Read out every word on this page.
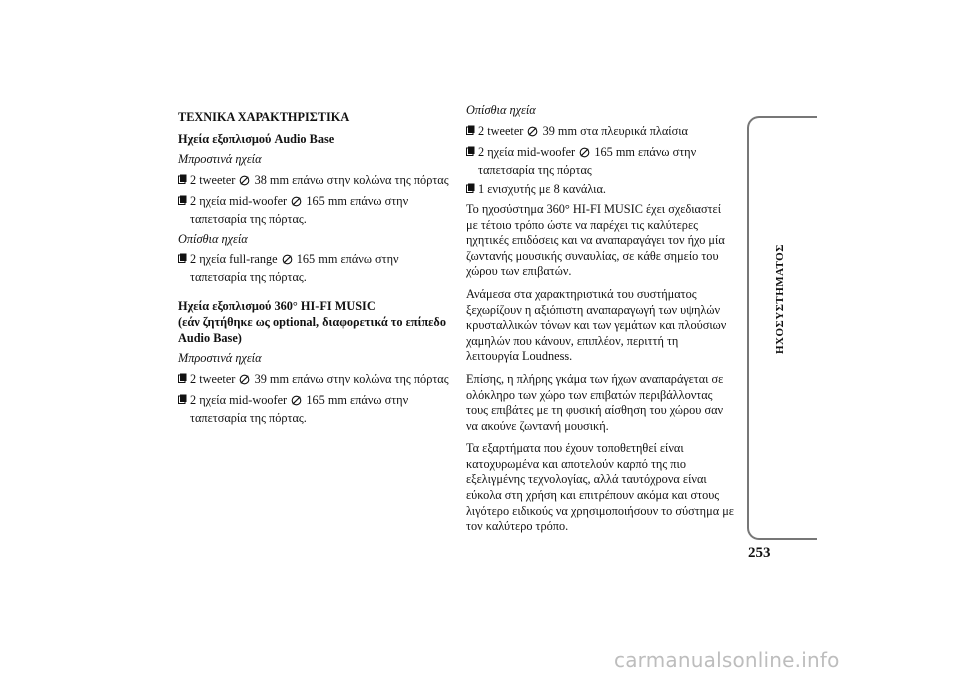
ΤΕΧΝΙΚΑ ΧΑΡΑΚΤΗΡΙΣΤΙΚΑ
Ηχεία εξοπλισμού Audio Base
Μπροστινά ηχεία
2 tweeter 38 mm επάνω στην κολώνα της πόρτας
2 ηχεία mid-woofer 165 mm επάνω στην
ταπετσαρία της πόρτας.
Οπίσθια ηχεία
2 ηχεία full-range 165 mm επάνω στην
ταπετσαρία της πόρτας.
Ηχεία εξοπλισμού 360° HI-FI MUSIC
(εάν ζητήθηκε ως optional, διαφορετικά το επίπεδο
Audio Base)
Μπροστινά ηχεία
2 tweeter 39 mm επάνω στην κολώνα της πόρτας
2 ηχεία mid-woofer 165 mm επάνω στην
ταπετσαρία της πόρτας.
Οπίσθια ηχεία
2 tweeter 39 mm στα πλευρικά πλαίσια
2 ηχεία mid-woofer 165 mm επάνω στην
ταπετσαρία της πόρτας
1 ενισχυτής με 8 κανάλια.
Το ηχοσύστημα 360° HI-FI MUSIC έχει σχεδιαστεί
με τέτοιο τρόπο ώστε να παρέχει τις καλύτερες
ηχητικές επιδόσεις και να αναπαραγάγει τον ήχο μία
ζωντανής μουσικής συναυλίας, σε κάθε σημείο του
χώρου των επιβατών.
Ανάμεσα στα χαρακτηριστικά του συστήματος
ξεχωρίζουν η αξιόπιστη αναπαραγωγή των υψηλών
κρυσταλλικών τόνων και των γεμάτων και πλούσιων
χαμηλών που κάνουν, επιπλέον, περιττή τη
λειτουργία Loudness.
Επίσης, η πλήρης γκάμα των ήχων αναπαράγεται σε
ολόκληρο των χώρο των επιβατών περιβάλλοντας
τους επιβάτες με τη φυσική αίσθηση του χώρου σαν
να ακούνε ζωντανή μουσική.
Τα εξαρτήματα που έχουν τοποθετηθεί είναι
κατοχυρωμένα και αποτελούν καρπό της πιο
εξελιγμένης τεχνολογίας, αλλά ταυτόχρονα είναι
εύκολα στη χρήση και επιτρέπουν ακόμα και στους
λιγότερο ειδικούς να χρησιμοποιήσουν το σύστημα με
τον καλύτερο τρόπο.
ΗΧΟΣΥΣΤΗΜΑΤΟΣ
253
carmanualsonline.info
